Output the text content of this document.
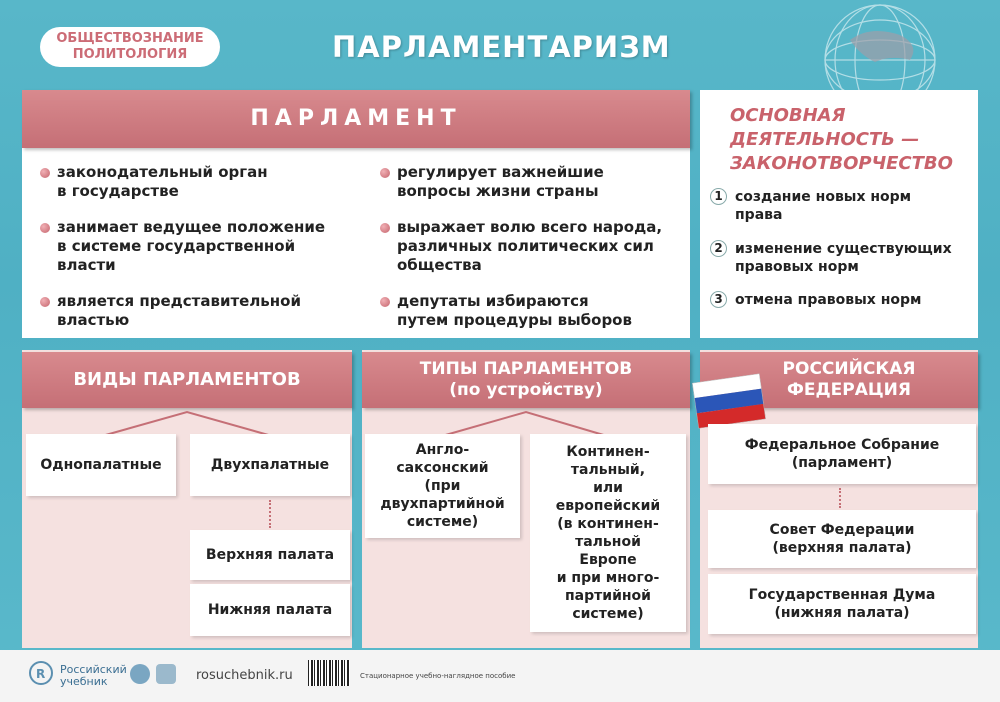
ОБЩЕСТВОЗНАНИЕ
ПОЛИТОЛОГИЯ	ПАРЛАМЕНТАРИЗМ
ПАРЛАМЕНТ
законодательный орган
в государстве
занимает ведущее положение
в системе государственной
власти
является представительной
властью
регулирует важнейшие
вопросы жизни страны
выражает волю всего народа,
различных политических сил
общества
депутаты избираются
путем процедуры выборов
ОСНОВНАЯ
ДЕЯТЕЛЬНОСТЬ —
ЗАКОНОТВОРЧЕСТВО
1 создание новых норм
права
2 изменение существующих
правовых норм
3 отмена правовых норм
ВИДЫ ПАРЛАМЕНТОВ
Однопалатные	Двухпалатные
Верхняя палата
Нижняя палата
ТИПЫ ПАРЛАМЕНТОВ
(по устройству)
Англо-
саксонский
(при
двухпартийной
системе)
Континен-
тальный,
или
европейский
(в континен-
тальной
Европе
и при много-
партийной
системе)
РОССИЙСКАЯ
ФЕДЕРАЦИЯ
Федеральное Собрание
(парламент)
Совет Федерации
(верхняя палата)
Государственная Дума
(нижняя палата)
R Российский
учебник	rosuchebnik.ru	Стационарное учебно-наглядное пособие
